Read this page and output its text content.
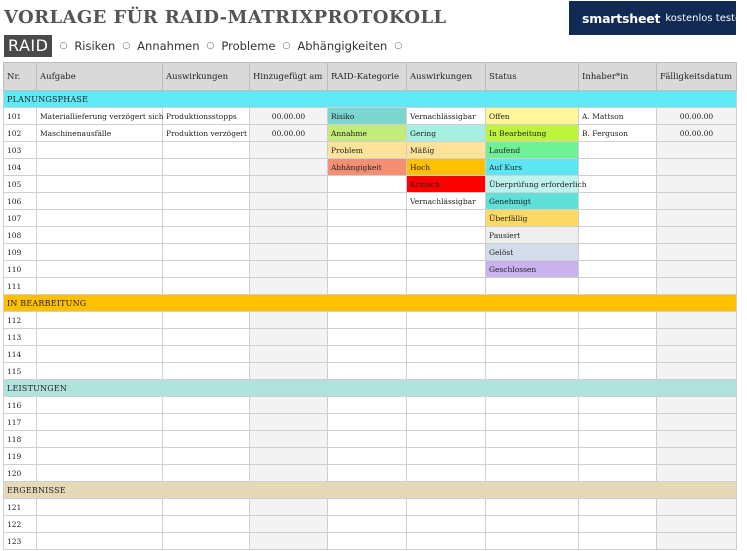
VORLAGE FÜR RAID-MATRIXPROTOKOLL	smartsheet kostenlos testen
RAID	○ Risiken ○ Annahmen ○ Probleme ○ Abhängigkeiten ○
Nr.	Aufgabe	Auswirkungen	Hinzugefügt am	RAID-Kategorie	Auswirkungen	Status	Inhaber*in	Fälligkeitsdatum
PLANUNGSPHASE								
101	Materiallieferung verzögert sich	Produktionsstopps	00.00.00	Risiko	Vernachlässigbar	Offen	A. Mattson	00.00.00
102	Maschinenausfälle	Produktion verzögert	00.00.00	Annahme	Gering	In Bearbeitung	B. Ferguson	00.00.00
103				Problem	Mäßig	Laufend		
104				Abhängigkeit	Hoch	Auf Kurs		
105					Kritisch	Überprüfung erforderlich		
106					Vernachlässigbar	Genehmigt		
107						Überfällig		
108						Pausiert		
109						Gelöst		
110						Geschlossen		
111								
IN BEARBEITUNG								
112								
113								
114								
115								
LEISTUNGEN								
116								
117								
118								
119								
120								
ERGEBNISSE								
121								
122								
123								
